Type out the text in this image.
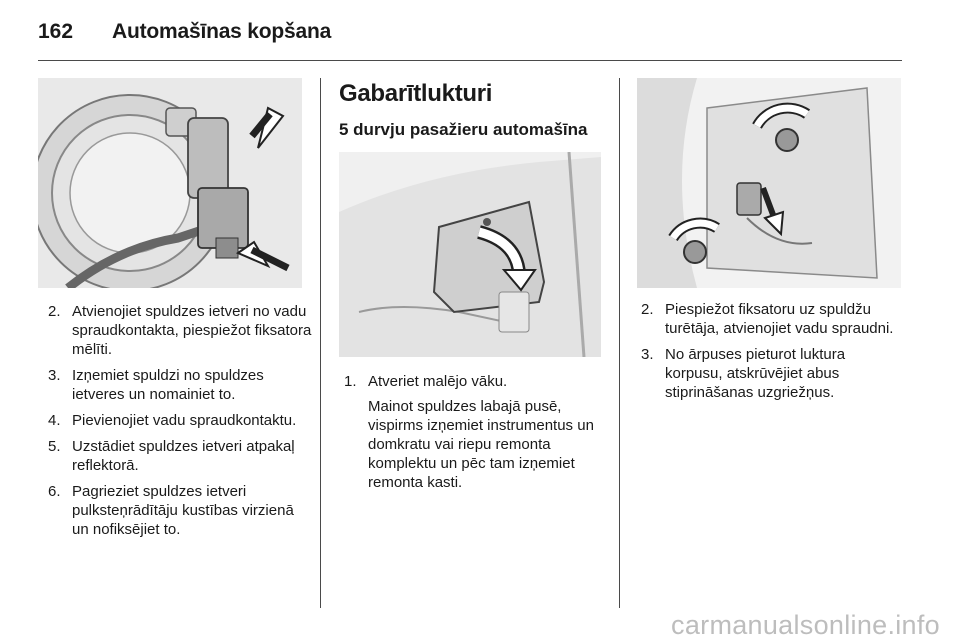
162	Automašīnas kopšana
2. Atvienojiet spuldzes ietveri no vadu spraudkontakta, piespiežot fiksatora mēlīti.
3. Izņemiet spuldzi no spuldzes ietveres un nomainiet to.
4. Pievienojiet vadu spraudkontaktu.
5. Uzstādiet spuldzes ietveri atpakaļ reflektorā.
6. Pagrieziet spuldzes ietveri pulksteņrādītāju kustības virzienā un nofiksējiet to.
Gabarītlukturi
5 durvju pasažieru automašīna
1. Atveriet malējo vāku.
Mainot spuldzes labajā pusē, vispirms izņemiet instrumentus un domkratu vai riepu remonta komplektu un pēc tam izņemiet remonta kasti.
2. Piespiežot fiksatoru uz spuldžu turētāja, atvienojiet vadu spraudni.
3. No ārpuses pieturot luktura korpusu, atskrūvējiet abus stiprināšanas uzgriežņus.
carmanualsonline.info
